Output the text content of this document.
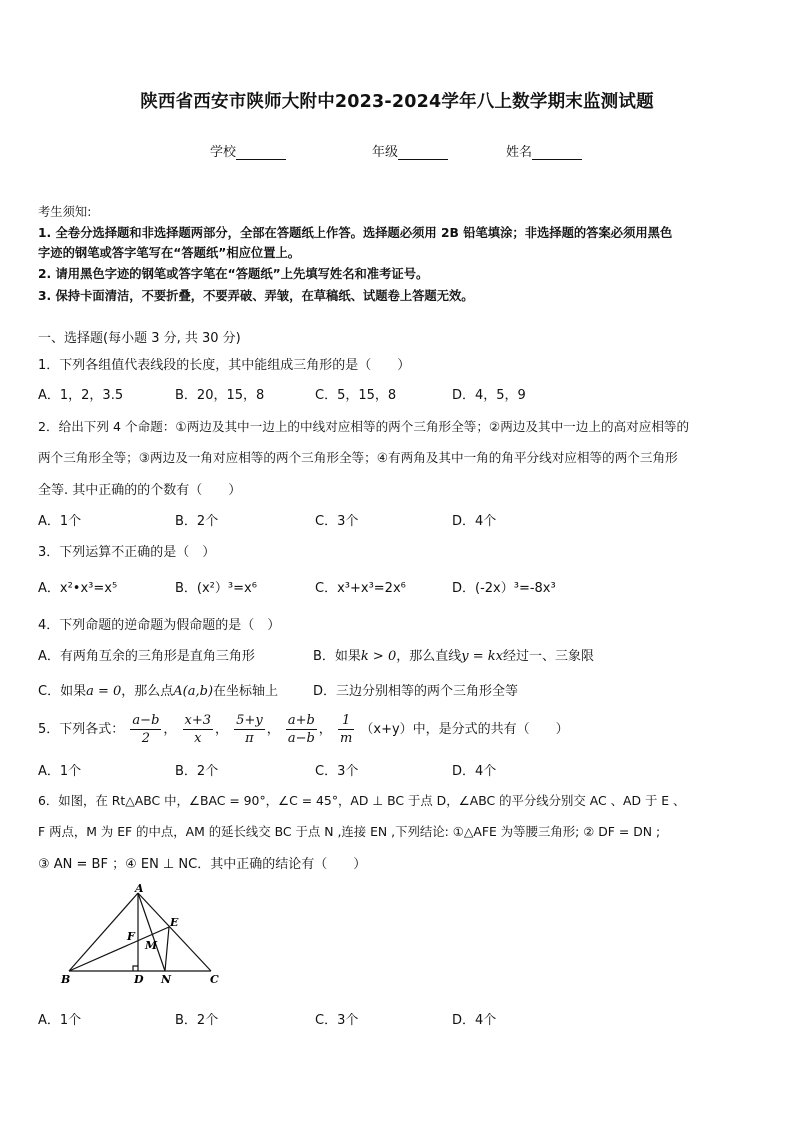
陕西省西安市陕师大附中2023-2024学年八上数学期末监测试题
学校	年级	姓名
考生须知:
1. 全卷分选择题和非选择题两部分，全部在答题纸上作答。选择题必须用 2B 铅笔填涂；非选择题的答案必须用黑色
字迹的钢笔或答字笔写在“答题纸”相应位置上。
2. 请用黑色字迹的钢笔或答字笔在“答题纸”上先填写姓名和准考证号。
3. 保持卡面清洁，不要折叠，不要弄破、弄皱，在草稿纸、试题卷上答题无效。
一、选择题(每小题 3 分, 共 30 分)
1．下列各组值代表线段的长度，其中能组成三角形的是（　　）
A．1，2，3.5	B．20，15，8	C．5，15，8	D．4，5，9
2．给出下列 4 个命题：①两边及其中一边上的中线对应相等的两个三角形全等；②两边及其中一边上的高对应相等的
两个三角形全等；③两边及一角对应相等的两个三角形全等；④有两角及其中一角的角平分线对应相等的两个三角形
全等. 其中正确的的个数有（　　）
A．1个	B．2个	C．3个	D．4个
3．下列运算不正确的是（　）
A．x²•x³=x⁵	B．(x²）³=x⁶	C．x³+x³=2x⁶	D．(-2x）³=-8x³
4．下列命题的逆命题为假命题的是（　）
A．有两角互余的三角形是直角三角形	B．如果k > 0，那么直线y = kx经过一、三象限
C．如果a = 0，那么点A(a,b)在坐标轴上	D．三边分别相等的两个三角形全等
5．下列各式： $\frac{a-b}{2}$ ， $\frac{x+3}{x}$ ， $\frac{5+y}{\pi}$ ， $\frac{a+b}{a-b}$ ， $\frac{1}{m} (x+y)$中，是分式的共有（　　）
A．1个	B．2个	C．3个	D．4个
6．如图，在 Rt△ABC 中，∠BAC = 90°，∠C = 45°，AD ⊥ BC 于点 D，∠ABC 的平分线分别交 AC 、AD 于 E 、
F 两点，M 为 EF 的中点，AM 的延长线交 BC 于点 N ,连接 EN ,下列结论: ①△AFE 为等腰三角形; ② DF = DN ;
③ AN = BF ；④ EN ⊥ NC．其中正确的结论有（　　）
A
B	C
D
E
F
M
N
A．1个	B．2个	C．3个	D．4个
